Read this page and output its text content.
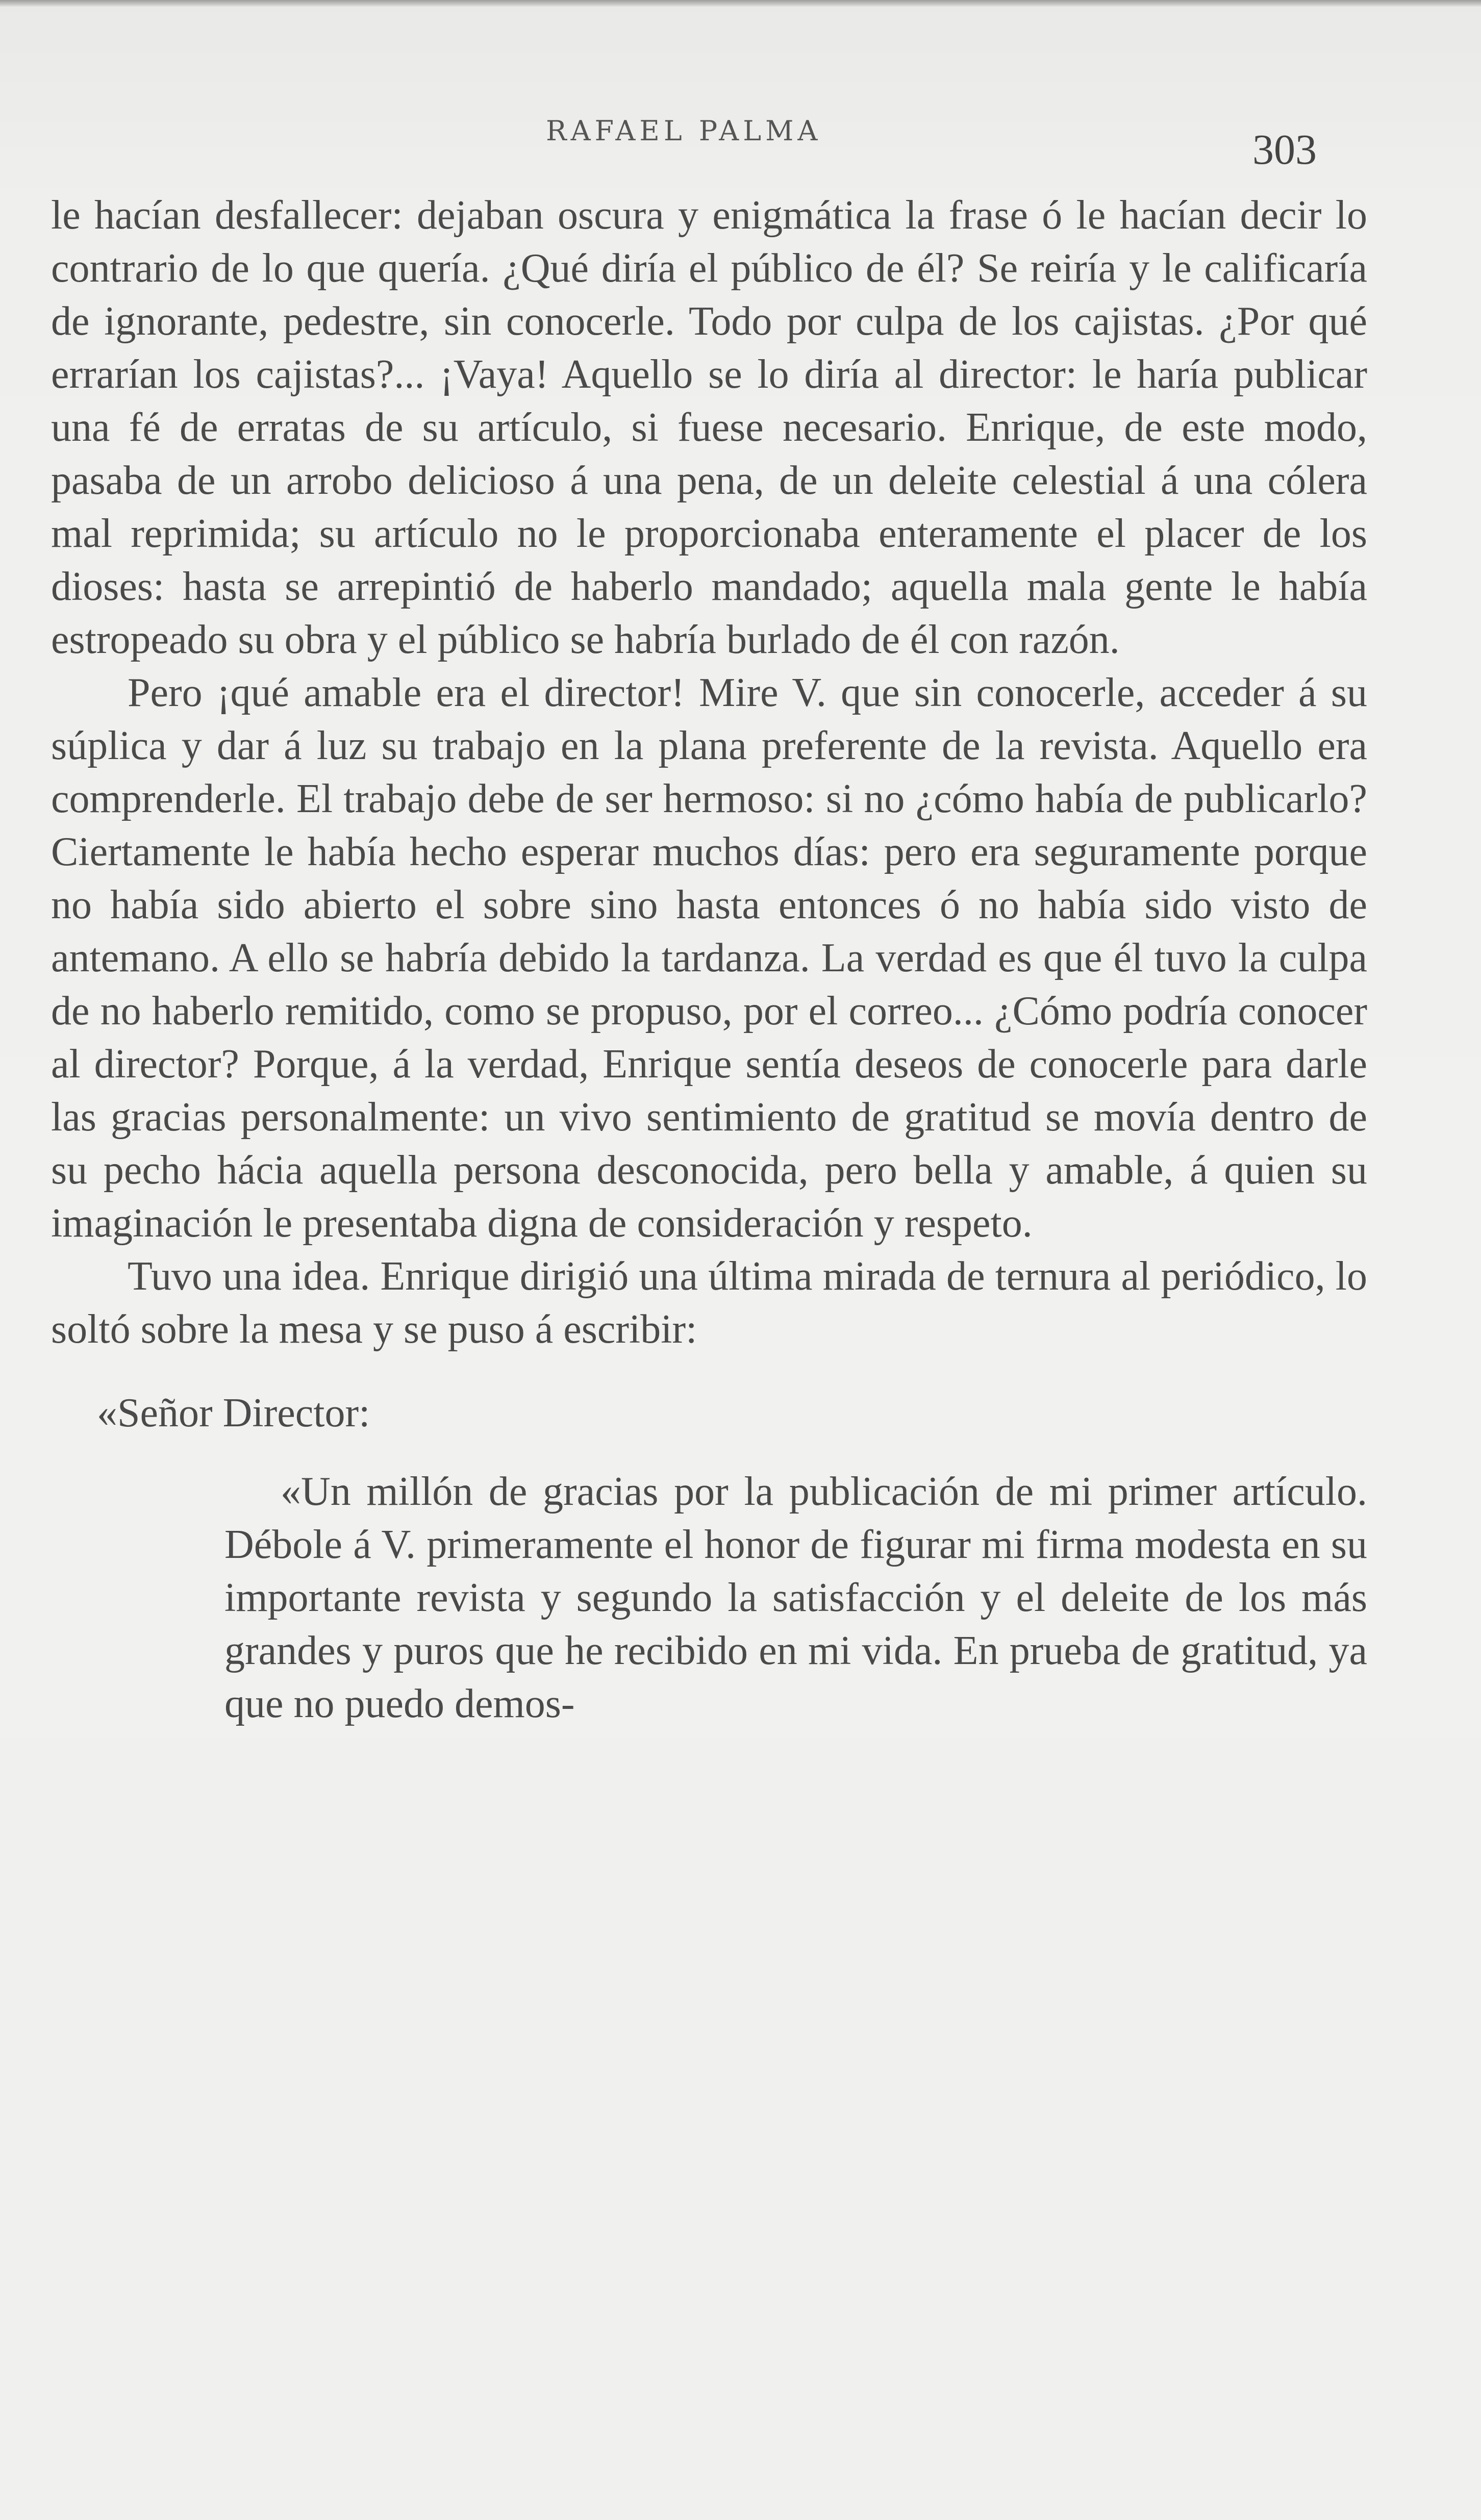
RAFAEL PALMA	303

le hacían desfallecer: dejaban oscura y enigmática la frase ó le hacían decir lo contrario de lo que quería. ¿Qué diría el público de él? Se reiría y le calificaría de ignorante, pedestre, sin conocerle. Todo por culpa de los cajistas. ¿Por qué errarían los cajistas?... ¡Vaya! Aquello se lo diría al director: le haría publicar una fé de erratas de su artículo, si fuese necesario. Enrique, de este modo, pasaba de un arrobo delicioso á una pena, de un deleite celestial á una cólera mal reprimida; su artículo no le proporcionaba enteramente el placer de los dioses: hasta se arrepintió de haberlo mandado; aquella mala gente le había estropeado su obra y el público se habría burlado de él con razón.

Pero ¡qué amable era el director! Mire V. que sin conocerle, acceder á su súplica y dar á luz su trabajo en la plana preferente de la revista. Aquello era comprenderle. El trabajo debe de ser hermoso: si no ¿cómo había de publicarlo? Ciertamente le había hecho esperar muchos días: pero era seguramente porque no había sido abierto el sobre sino hasta entonces ó no había sido visto de antemano. A ello se habría debido la tardanza. La verdad es que él tuvo la culpa de no haberlo remitido, como se propuso, por el correo... ¿Cómo podría conocer al director? Porque, á la verdad, Enrique sentía deseos de conocerle para darle las gracias personalmente: un vivo sentimiento de gratitud se movía dentro de su pecho hácia aquella persona desconocida, pero bella y amable, á quien su imaginación le presentaba digna de consideración y respeto.

Tuvo una idea. Enrique dirigió una última mirada de ternura al periódico, lo soltó sobre la mesa y se puso á escribir:

«Señor Director:

«Un millón de gracias por la publicación de mi primer artículo. Débole á V. primeramente el honor de figurar mi firma modesta en su importante revista y segundo la satisfacción y el deleite de los más grandes y puros que he recibido en mi vida. En prueba de gratitud, ya que no puedo demos-
